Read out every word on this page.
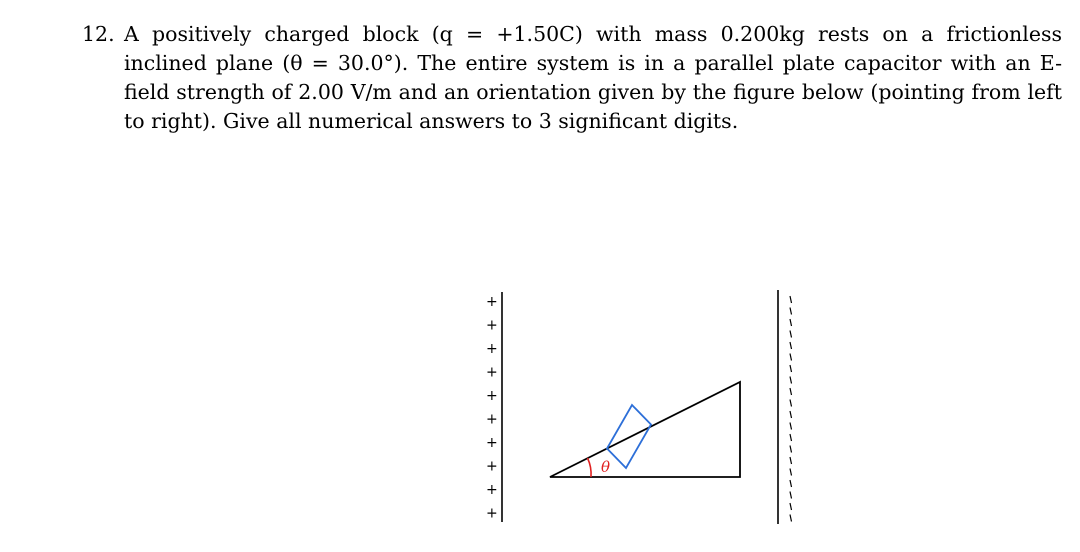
12. A positively charged block (q = +1.50C) with mass 0.200kg rests on a frictionless inclined plane (θ = 30.0°). The entire system is in a parallel plate capacitor with an E-field strength of 2.00 V/m and an orientation given by the figure below (pointing from left to right). Give all numerical answers to 3 significant digits.
+
+
+
+
+
+
+
+
+
+
θ
